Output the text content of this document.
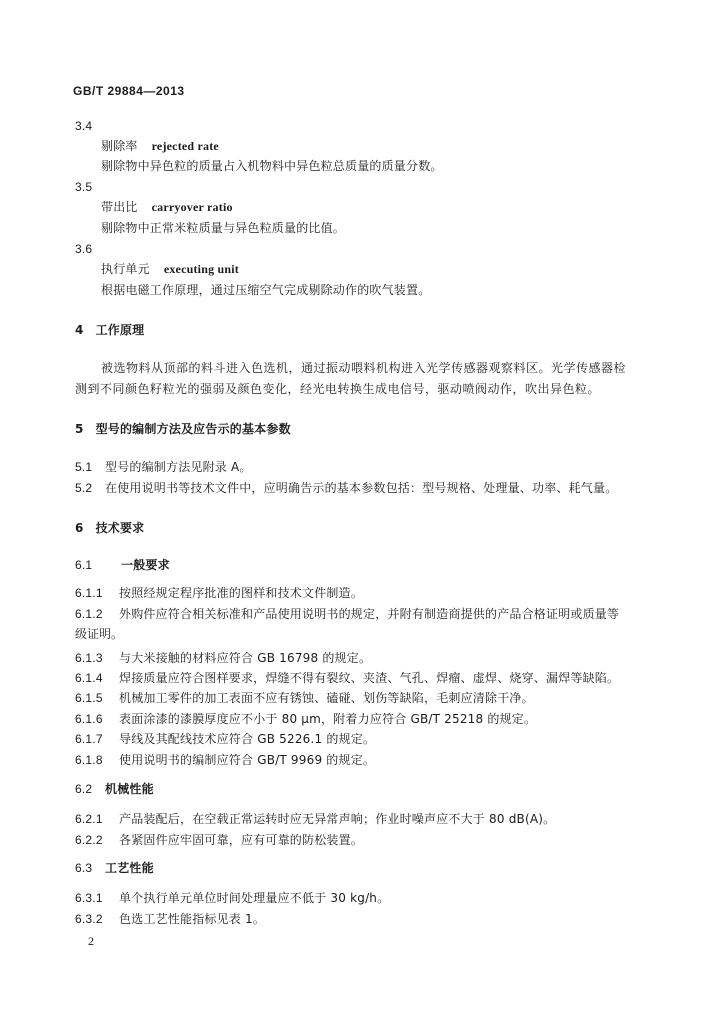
GB/T 29884—2013
3.4
剔除率 rejected rate
剔除物中异色粒的质量占入机物料中异色粒总质量的质量分数。
3.5
带出比 carryover ratio
剔除物中正常米粒质量与异色粒质量的比值。
3.6
执行单元 executing unit
根据电磁工作原理，通过压缩空气完成剔除动作的吹气装置。
4 工作原理
被选物料从顶部的料斗进入色选机，通过振动喂料机构进入光学传感器观察料区。光学传感器检
测到不同颜色籽粒光的强弱及颜色变化，经光电转换生成电信号，驱动喷阀动作，吹出异色粒。
5 型号的编制方法及应告示的基本参数
5.1 型号的编制方法见附录 A。
5.2 在使用说明书等技术文件中，应明确告示的基本参数包括：型号规格、处理量、功率、耗气量。
6 技术要求
6.1 一般要求
6.1.1 按照经规定程序批准的图样和技术文件制造。
6.1.2 外购件应符合相关标准和产品使用说明书的规定，并附有制造商提供的产品合格证明或质量等
级证明。
6.1.3 与大米接触的材料应符合 GB 16798 的规定。
6.1.4 焊接质量应符合图样要求，焊缝不得有裂纹、夹渣、气孔、焊瘤、虚焊、烧穿、漏焊等缺陷。
6.1.5 机械加工零件的加工表面不应有锈蚀、磕碰、划伤等缺陷，毛刺应清除干净。
6.1.6 表面涂漆的漆膜厚度应不小于 80 μm，附着力应符合 GB/T 25218 的规定。
6.1.7 导线及其配线技术应符合 GB 5226.1 的规定。
6.1.8 使用说明书的编制应符合 GB/T 9969 的规定。
6.2 机械性能
6.2.1 产品装配后，在空载正常运转时应无异常声响；作业时噪声应不大于 80 dB(A)。
6.2.2 各紧固件应牢固可靠，应有可靠的防松装置。
6.3 工艺性能
6.3.1 单个执行单元单位时间处理量应不低于 30 kg/h。
6.3.2 色选工艺性能指标见表 1。
2
